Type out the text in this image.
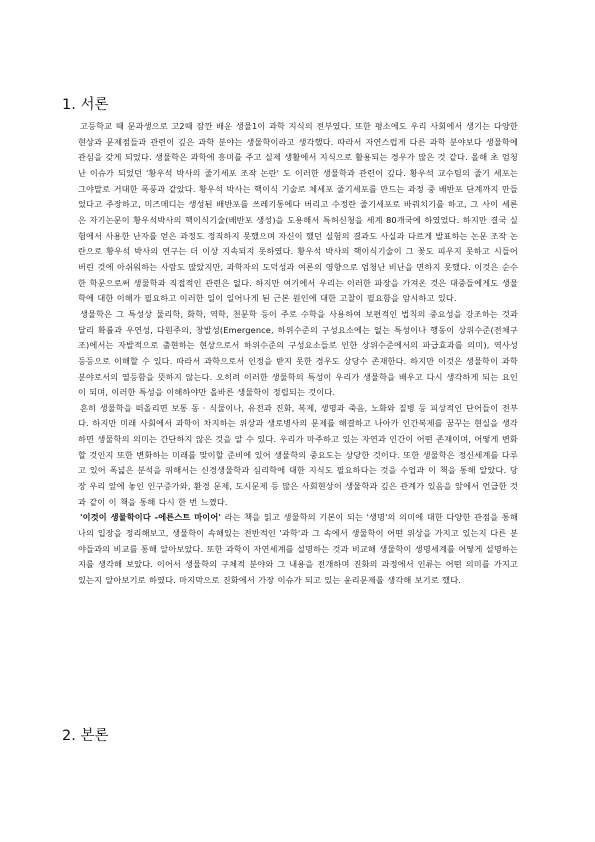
1. 서론

고등학교 때 문과생으로 고2때 잠깐 배운 생물1이 과학 지식의 전부였다. 또한 평소에도 우리 사회에서 생기는 다양한 현상과 문제점들과 관련이 깊은 과학 분야는 생물학이라고 생각했다. 따라서 자연스럽게 다른 과학 분야보다 생물학에 관심을 갖게 되었다. 생물학은 과학에 흥미를 주고 실제 생활에서 지식으로 활용되는 경우가 많은 것 같다. 올해 초 엄청난 이슈가 되었던 '황우석 박사의 줄기세포 조작 논란' 도 이러한 생물학과 관련이 깊다. 황우석 교수팀의 줄기 세포는 그야말로 거대한 폭풍과 같았다. 황우석 박사는 핵이식 기술로 체세포 줄기세포를 만드는 과정 중 배반포 단계까지 만들었다고 주장하고, 미즈메디는 생성된 배반포를 쓰레기통에다 버리고 수정란 줄기세포로 바꿔치기를 하고, 그 사이 세론은 자기논문이 황우석박사의 핵이식기술(배반포 생성)을 도용해서 특허신청을 세계 80개국에 하였었다. 하지만 결국 실험에서 사용한 난자를 얻은 과정도 정직하지 못했으며 자신이 했던 실험의 결과도 사실과 다르게 발표하는 논문 조작 논란으로 황우석 박사의 연구는 더 이상 지속되지 못하였다. 황우석 박사의 핵이식기술이 그 꽃도 피우지 못하고 시들어 버린 것에 아쉬워하는 사람도 많았지만, 과학자의 도덕성과 여론의 영향으로 엄청난 비난을 면하지 못했다. 이것은 순수한 학문으로써 생물학과 직접적인 관련은 없다. 하지만 여기에서 우리는 이러한 파장을 가져온 것은 대중들에게도 생물학에 대한 이해가 필요하고 이러한 일이 일어나게 된 근본 원인에 대한 고찰이 필요함을 암시하고 있다.

생물학은 그 특성상 물리학, 화학, 역학, 천문학 등이 주로 수학을 사용하여 보편적인 법칙의 중요성을 강조하는 것과 달리 확률과 우연성, 다원주의, 창발성(Emergence, 하위수준의 구성요소에는 없는 특성이나 행동이 상위수준(전체구조)에서는 자발적으로 출현하는 현상으로서 하위수준의 구성요소들로 인한 상위수준에서의 파급효과를 의미), 역사성 등등으로 이해할 수 있다. 따라서 과학으로서 인정을 받지 못한 경우도 상당수 존재한다. 하지만 이것은 생물학이 과학 분야로서의 열등함을 뜻하지 않는다. 오히려 이러한 생물학의 특성이 우리가 생물학을 배우고 다시 생각하게 되는 요인이 되며, 이러한 특성을 이해하야만 올바른 생물학이 정립되는 것이다.

흔히 생물학을 떠올리면 보통 동 · 식물이나, 유전과 진화, 복제, 생명과 죽음, 노화와 질병 등 피상적인 단어들이 전부다. 하지만 미래 사회에서 과학이 차지하는 위상과 생로병사의 문제를 해결하고 나아가 인간복제를 꿈꾸는 현실을 생각하면 생물학의 의미는 간단하지 않은 것을 알 수 있다. 우리가 마주하고 있는 자연과 인간이 어떤 존재이며, 어떻게 변화할 것인지 또한 변화하는 미래를 맞이할 준비에 있어 생물학의 중요도는 상당한 것이다. 또한 생물학은 정신세계를 다루고 있어 폭넓은 분석을 위해서는 신경생물학과 심리학에 대한 지식도 필요하다는 것을 수업과 이 책을 통해 알았다. 당장 우리 앞에 놓인 인구증가와, 환경 문제, 도시문제 등 많은 사회현상이 생물학과 깊은 관계가 있음을 앞에서 언급한 것과 같이 이 책을 통해 다시 한 번 느꼈다.

'이것이 생물학이다 -에른스트 마이어' 라는 책을 읽고 생물학의 기본이 되는 '생명'의 의미에 대한 다양한 관점을 통해 나의 입장을 정리해보고, 생물학이 속해있는 전반적인 '과학'과 그 속에서 생물학이 어떤 위상을 가지고 있는지 다른 분야들과의 비교를 통해 알아보았다. 또한 과학이 자연세계를 설명하는 것과 비교해 생물학이 생명세계를 어떻게 설명하는지를 생각해 보았다. 이어서 생물학의 구체적 분야와 그 내용을 전개하며 진화의 과정에서 인류는 어떤 의미를 가지고 있는지 알아보기로 하였다. 마지막으로 진화에서 가장 이슈가 되고 있는 윤리문제를 생각해 보기로 했다.

2. 본론
